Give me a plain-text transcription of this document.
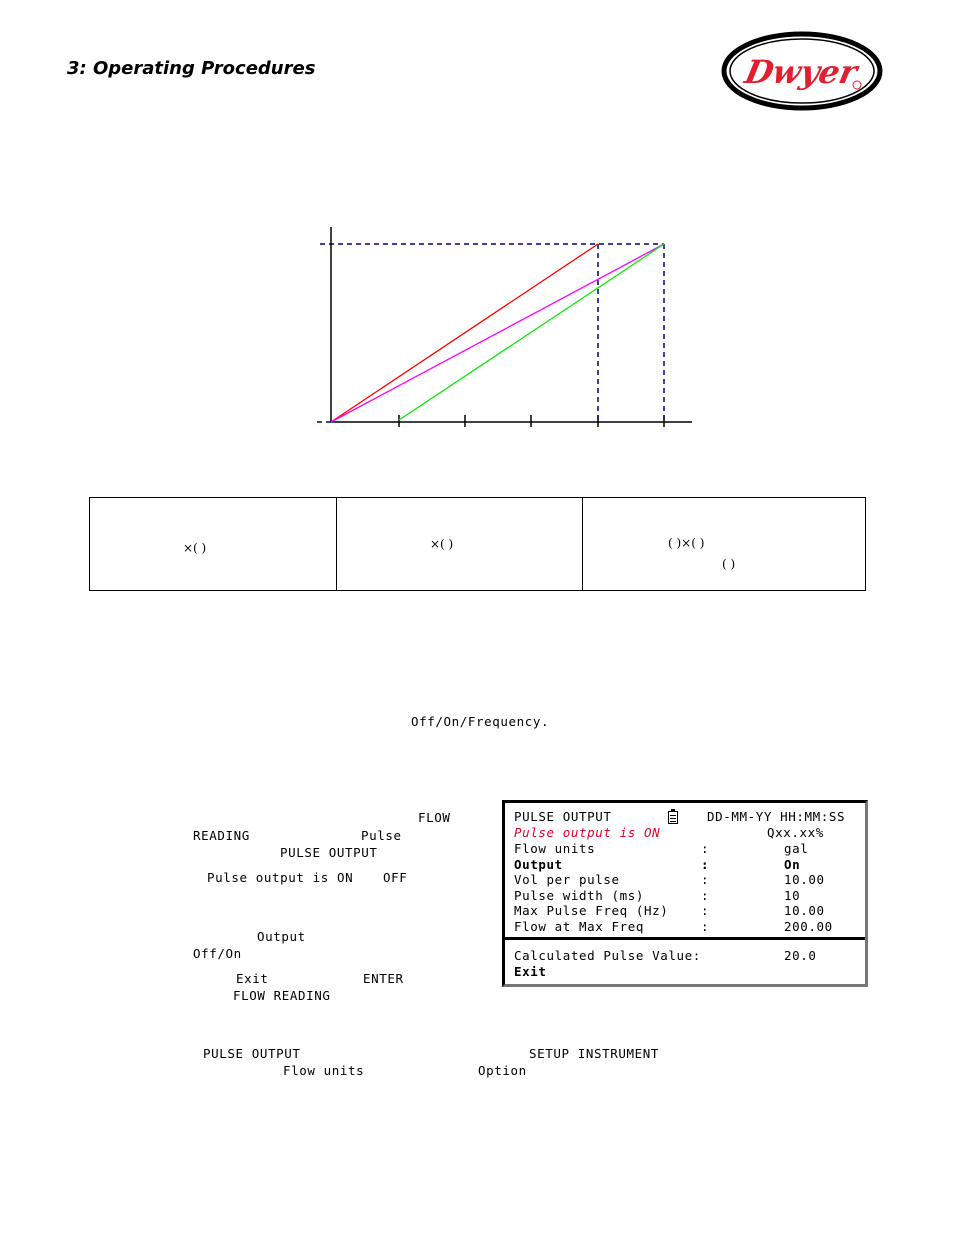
3: Operating Procedures	Dwyer
×( )	×( )	( )×( )
( )
Off/On/Frequency.
FLOW
READING	Pulse
PULSE OUTPUT
Pulse output is ON OFF
Output
Off/On
Exit	ENTER
FLOW READING
PULSE OUTPUT	SETUP INSTRUMENT
Flow units	Option
PULSE OUTPUT	DD-MM-YY HH:MM:SS
Pulse output is ON	Qxx.xx%
Flow units	:	gal
Output	:	On
Vol per pulse	:	10.00
Pulse width (ms)	:	10
Max Pulse Freq (Hz)	:	10.00
Flow at Max Freq	:	200.00
Calculated Pulse Value:	20.0
Exit
